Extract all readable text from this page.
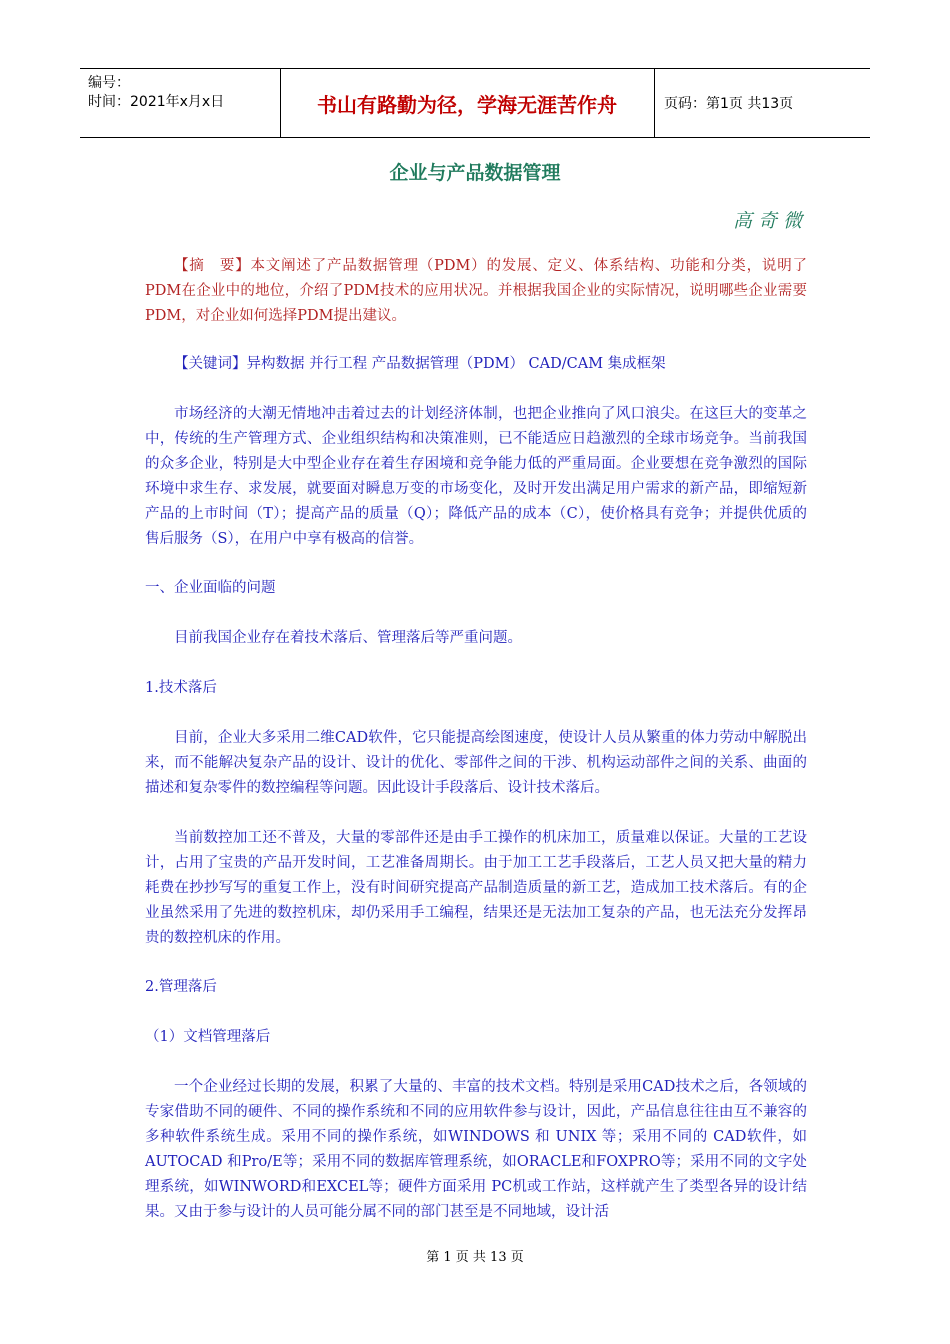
编号：
时间：2021年x月x日	书山有路勤为径，学海无涯苦作舟	页码：第1页 共13页
企业与产品数据管理
高奇微
【摘　要】本文阐述了产品数据管理（PDM）的发展、定义、体系结构、功能和分类，说明了PDM在企业中的地位，介绍了PDM技术的应用状况。并根据我国企业的实际情况，说明哪些企业需要PDM，对企业如何选择PDM提出建议。
【关键词】异构数据 并行工程 产品数据管理（PDM） CAD/CAM 集成框架
市场经济的大潮无情地冲击着过去的计划经济体制，也把企业推向了风口浪尖。在这巨大的变革之中，传统的生产管理方式、企业组织结构和决策准则，已不能适应日趋激烈的全球市场竞争。当前我国的众多企业，特别是大中型企业存在着生存困境和竞争能力低的严重局面。企业要想在竞争激烈的国际环境中求生存、求发展，就要面对瞬息万变的市场变化，及时开发出满足用户需求的新产品，即缩短新产品的上市时间（T）；提高产品的质量（Q）；降低产品的成本（C），使价格具有竞争；并提供优质的售后服务（S），在用户中享有极高的信誉。
一、企业面临的问题
目前我国企业存在着技术落后、管理落后等严重问题。
1.技术落后
目前，企业大多采用二维CAD软件，它只能提高绘图速度，使设计人员从繁重的体力劳动中解脱出来，而不能解决复杂产品的设计、设计的优化、零部件之间的干涉、机构运动部件之间的关系、曲面的描述和复杂零件的数控编程等问题。因此设计手段落后、设计技术落后。
当前数控加工还不普及，大量的零部件还是由手工操作的机床加工，质量难以保证。大量的工艺设计，占用了宝贵的产品开发时间，工艺准备周期长。由于加工工艺手段落后，工艺人员又把大量的精力耗费在抄抄写写的重复工作上，没有时间研究提高产品制造质量的新工艺，造成加工技术落后。有的企业虽然采用了先进的数控机床，却仍采用手工编程，结果还是无法加工复杂的产品，也无法充分发挥昂贵的数控机床的作用。
2.管理落后
（1）文档管理落后
一个企业经过长期的发展，积累了大量的、丰富的技术文档。特别是采用CAD技术之后，各领域的专家借助不同的硬件、不同的操作系统和不同的应用软件参与设计，因此，产品信息往往由互不兼容的多种软件系统生成。采用不同的操作系统，如WINDOWS 和 UNIX 等；采用不同的 CAD软件，如AUTOCAD 和Pro/E等；采用不同的数据库管理系统，如ORACLE和FOXPRO等；采用不同的文字处理系统，如WINWORD和EXCEL等；硬件方面采用 PC机或工作站，这样就产生了类型各异的设计结果。又由于参与设计的人员可能分属不同的部门甚至是不同地域，设计活
第 1 页 共 13 页
